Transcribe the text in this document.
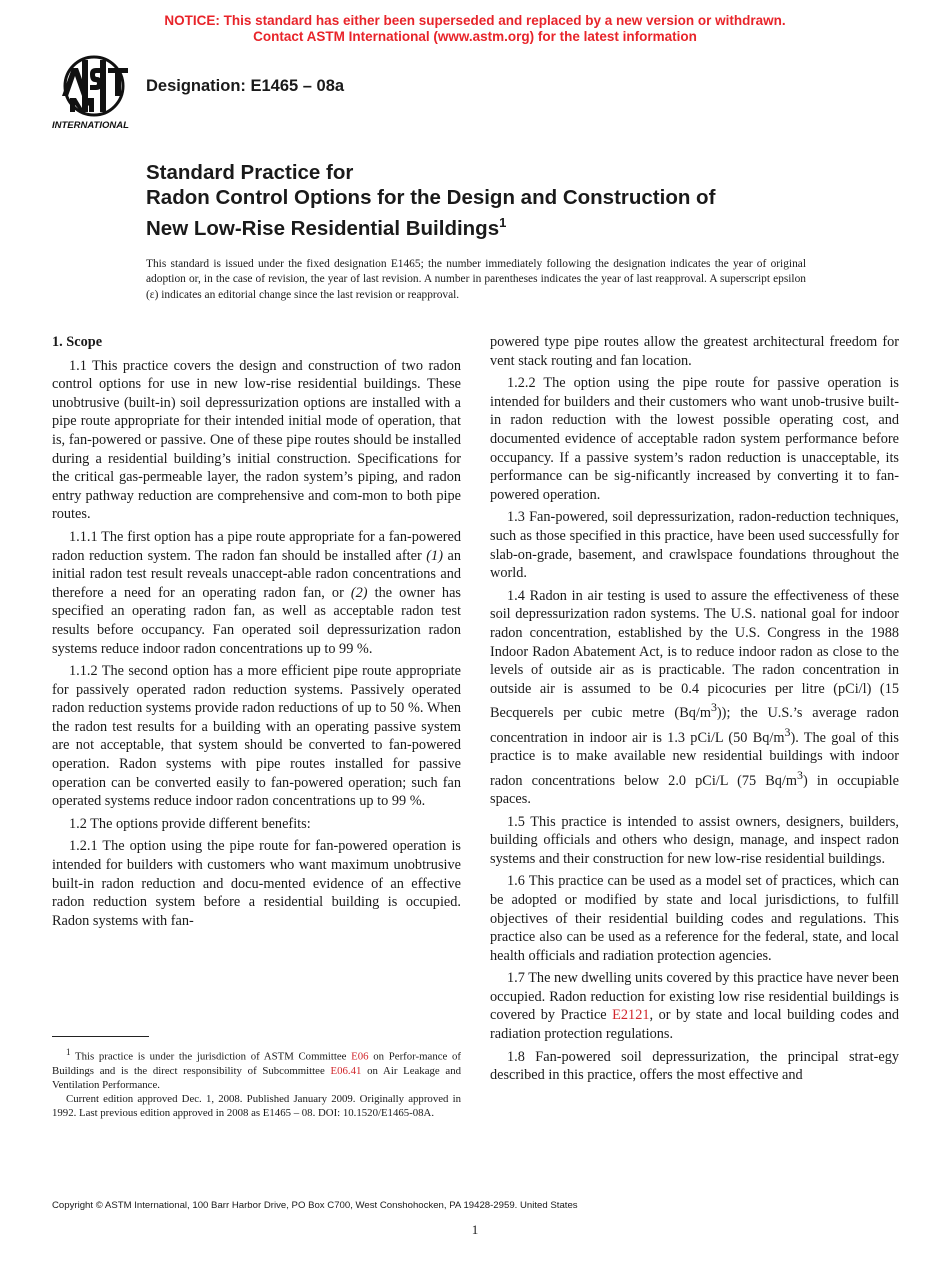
NOTICE: This standard has either been superseded and replaced by a new version or withdrawn.
Contact ASTM International (www.astm.org) for the latest information
INTERNATIONAL
Designation: E1465 – 08a
Standard Practice for
Radon Control Options for the Design and Construction of
New Low-Rise Residential Buildings$^1$
This standard is issued under the fixed designation E1465; the number immediately following the designation indicates the year of original adoption or, in the case of revision, the year of last revision. A number in parentheses indicates the year of last reapproval. A superscript epsilon (ε) indicates an editorial change since the last revision or reapproval.
1. Scope

1.1 This practice covers the design and construction of two radon control options for use in new low-rise residential buildings. These unobtrusive (built-in) soil depressurization options are installed with a pipe route appropriate for their intended initial mode of operation, that is, fan-powered or passive. One of these pipe routes should be installed during a residential building’s initial construction. Specifications for the critical gas-permeable layer, the radon system’s piping, and radon entry pathway reduction are comprehensive and com-mon to both pipe routes.

1.1.1 The first option has a pipe route appropriate for a fan-powered radon reduction system. The radon fan should be installed after (1) an initial radon test result reveals unaccept-able radon concentrations and therefore a need for an operating radon fan, or (2) the owner has specified an operating radon fan, as well as acceptable radon test results before occupancy. Fan operated soil depressurization radon systems reduce indoor radon concentrations up to 99 %.

1.1.2 The second option has a more efficient pipe route appropriate for passively operated radon reduction systems. Passively operated radon reduction systems provide radon reductions of up to 50 %. When the radon test results for a building with an operating passive system are not acceptable, that system should be converted to fan-powered operation. Radon systems with pipe routes installed for passive operation can be converted easily to fan-powered operation; such fan operated systems reduce indoor radon concentrations up to 99 %.

1.2 The options provide different benefits:

1.2.1 The option using the pipe route for fan-powered operation is intended for builders with customers who want maximum unobtrusive built-in radon reduction and docu-mented evidence of an effective radon reduction system before a residential building is occupied. Radon systems with fan-

powered type pipe routes allow the greatest architectural freedom for vent stack routing and fan location.

1.2.2 The option using the pipe route for passive operation is intended for builders and their customers who want unob-trusive built-in radon reduction with the lowest possible operating cost, and documented evidence of acceptable radon system performance before occupancy. If a passive system’s radon reduction is unacceptable, its performance can be sig-nificantly increased by converting it to fan-powered operation.

1.3 Fan-powered, soil depressurization, radon-reduction techniques, such as those specified in this practice, have been used successfully for slab-on-grade, basement, and crawlspace foundations throughout the world.

1.4 Radon in air testing is used to assure the effectiveness of these soil depressurization radon systems. The U.S. national goal for indoor radon concentration, established by the U.S. Congress in the 1988 Indoor Radon Abatement Act, is to reduce indoor radon as close to the levels of outside air as is practicable. The radon concentration in outside air is assumed to be 0.4 picocuries per litre (pCi/l) (15 Becquerels per cubic metre $(Bq/m^3)$); the U.S.’s average radon concentration in indoor air is 1.3 pCi/L (50 $Bq/m^3$). The goal of this practice is to make available new residential buildings with indoor radon concentrations below 2.0 pCi/L (75 $Bq/m^3$) in occupiable spaces.

1.5 This practice is intended to assist owners, designers, builders, building officials and others who design, manage, and inspect radon systems and their construction for new low-rise residential buildings.

1.6 This practice can be used as a model set of practices, which can be adopted or modified by state and local jurisdictions, to fulfill objectives of their residential building codes and regulations. This practice also can be used as a reference for the federal, state, and local health officials and radiation protection agencies.

1.7 The new dwelling units covered by this practice have never been occupied. Radon reduction for existing low rise residential buildings is covered by Practice E2121, or by state and local building codes and radiation protection regulations.

1.8 Fan-powered soil depressurization, the principal strat-egy described in this practice, offers the most effective and

$^1$ This practice is under the jurisdiction of ASTM Committee E06 on Perfor-mance of Buildings and is the direct responsibility of Subcommittee E06.41 on Air Leakage and Ventilation Performance.

Current edition approved Dec. 1, 2008. Published January 2009. Originally approved in 1992. Last previous edition approved in 2008 as E1465 – 08. DOI: 10.1520/E1465-08A.

Copyright © ASTM International, 100 Barr Harbor Drive, PO Box C700, West Conshohocken, PA 19428-2959. United States
1
